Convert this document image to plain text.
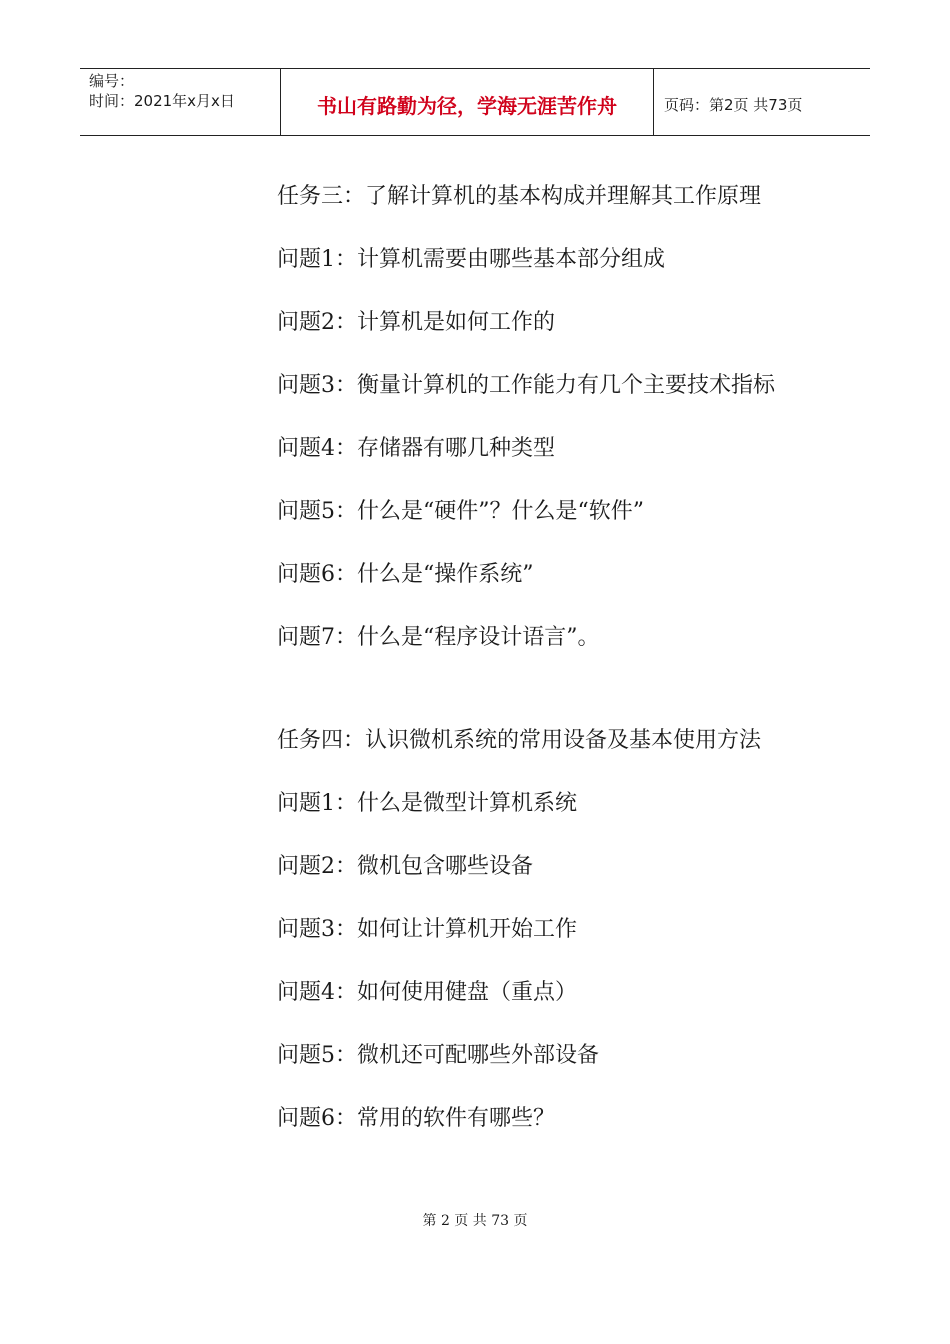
编号：
时间：2021年x月x日	书山有路勤为径，学海无涯苦作舟	页码：第2页 共73页
任务三：了解计算机的基本构成并理解其工作原理
问题1：计算机需要由哪些基本部分组成
问题2：计算机是如何工作的
问题3：衡量计算机的工作能力有几个主要技术指标
问题4：存储器有哪几种类型
问题5：什么是“硬件”？什么是“软件”
问题6：什么是“操作系统”
问题7：什么是“程序设计语言”。
任务四：认识微机系统的常用设备及基本使用方法
问题1：什么是微型计算机系统
问题2：微机包含哪些设备
问题3：如何让计算机开始工作
问题4：如何使用健盘（重点）
问题5：微机还可配哪些外部设备
问题6：常用的软件有哪些？
第 2 页 共 73 页
